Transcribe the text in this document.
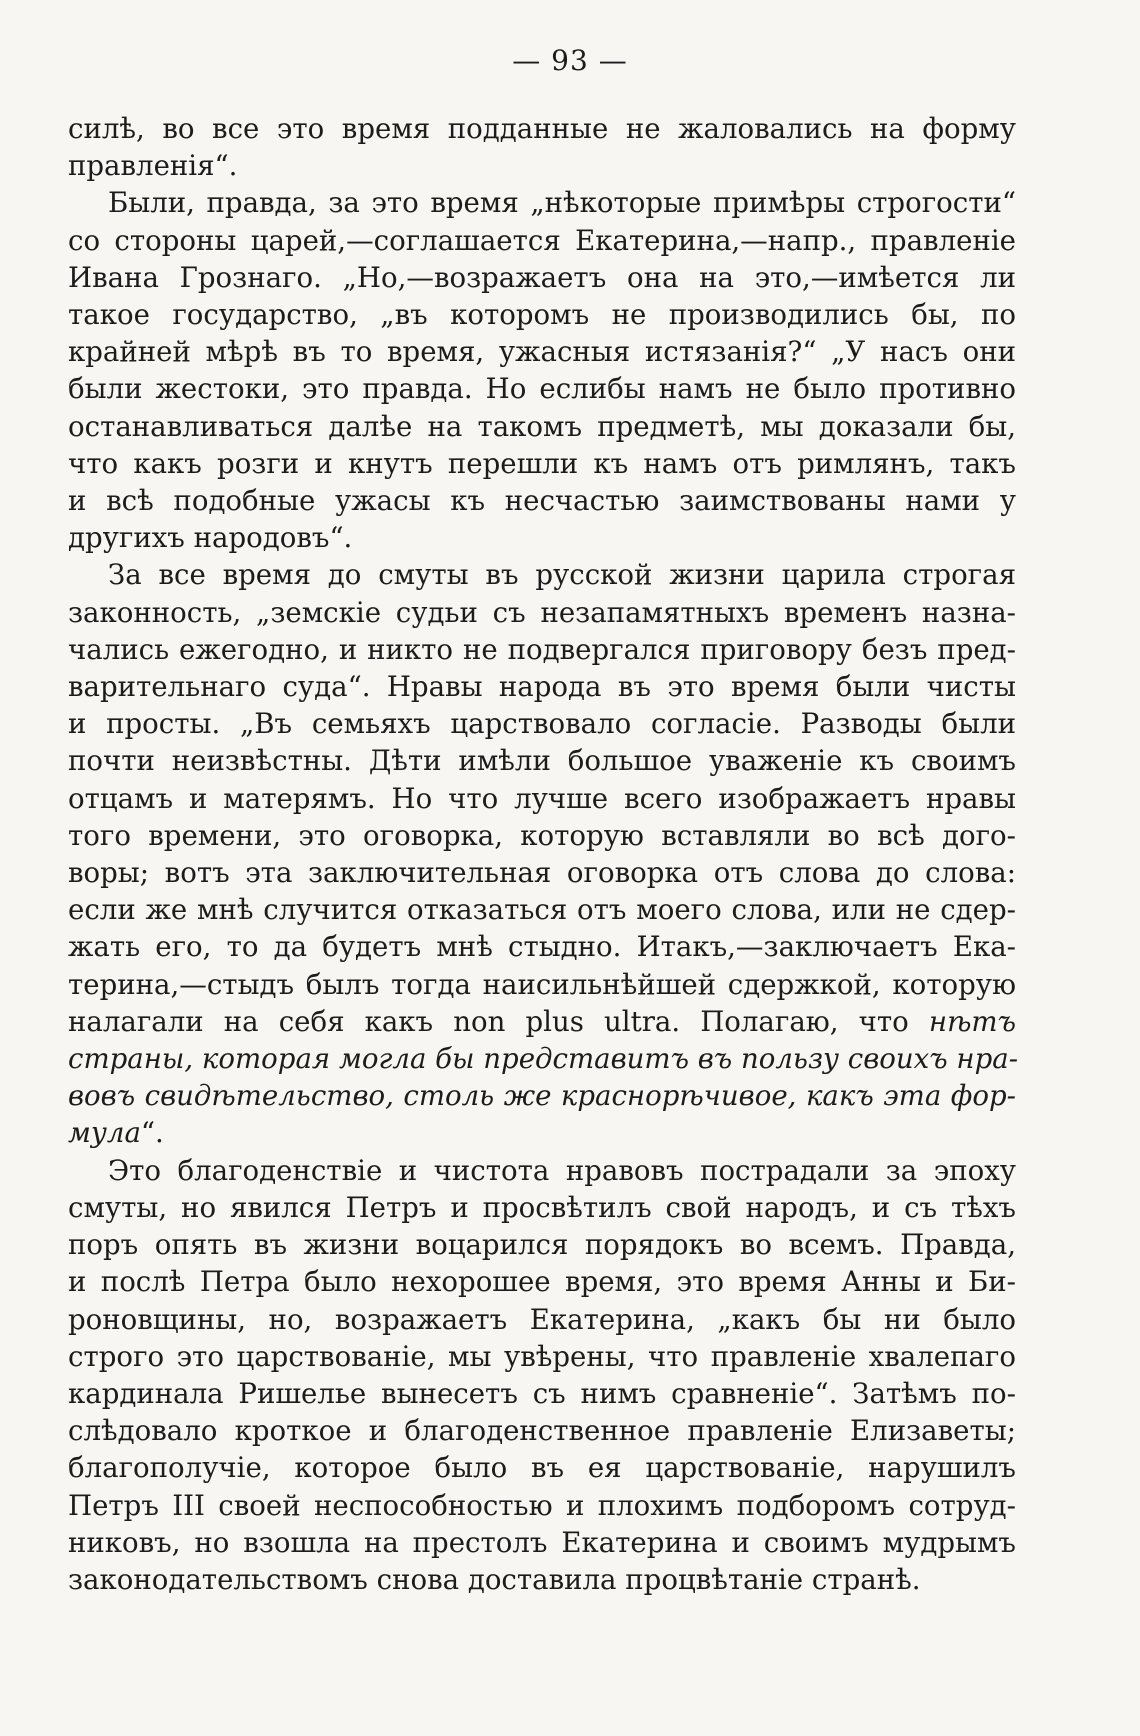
— 93 —

силѣ, во все это время подданные не жаловались на форму
правленія“.

Были, правда, за это время „нѣкоторые примѣры строгости“
со стороны царей,—соглашается Екатерина,—напр., правленіе
Ивана Грознаго. „Но,—возражаетъ она на это,—имѣется ли
такое государство, „въ которомъ не производились бы, по
крайней мѣрѣ въ то время, ужасныя истязанія?“ „У насъ они
были жестоки, это правда. Но еслибы намъ не было противно
останавливаться далѣе на такомъ предметѣ, мы доказали бы,
что какъ розги и кнутъ перешли къ намъ отъ римлянъ, такъ
и всѣ подобные ужасы къ несчастью заимствованы нами у
другихъ народовъ“.

За все время до смуты въ русской жизни царила строгая
законность, „земскіе судьи съ незапамятныхъ временъ назна-
чались ежегодно, и никто не подвергался приговору безъ пред-
варительнаго суда“. Нравы народа въ это время были чисты
и просты. „Въ семьяхъ царствовало согласіе. Разводы были
почти неизвѣстны. Дѣти имѣли большое уваженіе къ своимъ
отцамъ и матерямъ. Но что лучше всего изображаетъ нравы
того времени, это оговорка, которую вставляли во всѣ дого-
воры; вотъ эта заключительная оговорка отъ слова до слова:
если же мнѣ случится отказаться отъ моего слова, или не сдер-
жать его, то да будетъ мнѣ стыдно. Итакъ,—заключаетъ Ека-
терина,—стыдъ былъ тогда наисильнѣйшей сдержкой, которую
налагали на себя какъ non plus ultra. Полагаю, что нѣтъ
страны, которая могла бы представитъ въ пользу своихъ нра-
вовъ свидѣтельство, столь же краснорѣчивое, какъ эта фор-
мула“.

Это благоденствіе и чистота нравовъ пострадали за эпоху
смуты, но явился Петръ и просвѣтилъ свой народъ, и съ тѣхъ
поръ опять въ жизни воцарился порядокъ во всемъ. Правда,
и послѣ Петра было нехорошее время, это время Анны и Би-
роновщины, но, возражаетъ Екатерина, „какъ бы ни было
строго это царствованіе, мы увѣрены, что правленіе хвалепаго
кардинала Ришелье вынесетъ съ нимъ сравненіе“. Затѣмъ по-
слѣдовало кроткое и благоденственное правленіе Елизаветы;
благополучіе, которое было въ ея царствованіе, нарушилъ
Петръ III своей неспособностью и плохимъ подборомъ сотруд-
никовъ, но взошла на престолъ Екатерина и своимъ мудрымъ
законодательствомъ снова доставила процвѣтаніе странѣ.
